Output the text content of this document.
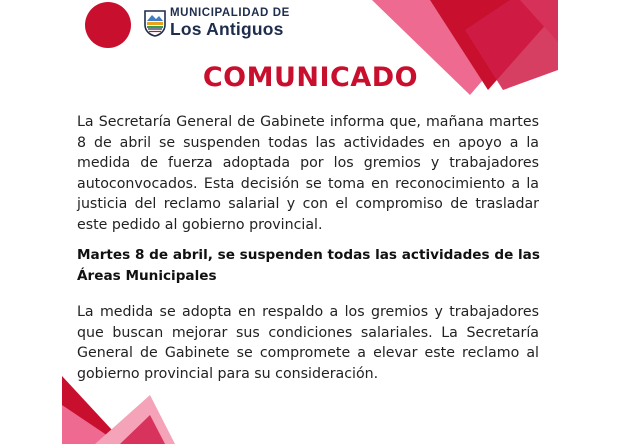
MUNICIPALIDAD DE
Los Antiguos
COMUNICADO

La Secretaría General de Gabinete informa que, mañana martes 8 de abril se suspenden todas las actividades en apoyo a la medida de fuerza adoptada por los gremios y trabajadores autoconvocados. Esta decisión se toma en reconocimiento a la justicia del reclamo salarial y con el compromiso de trasladar este pedido al gobierno provincial.

Martes 8 de abril, se suspenden todas las actividades de las Áreas Municipales

La medida se adopta en respaldo a los gremios y trabajadores que buscan mejorar sus condiciones salariales. La Secretaría General de Gabinete se compromete a elevar este reclamo al gobierno provincial para su consideración.
